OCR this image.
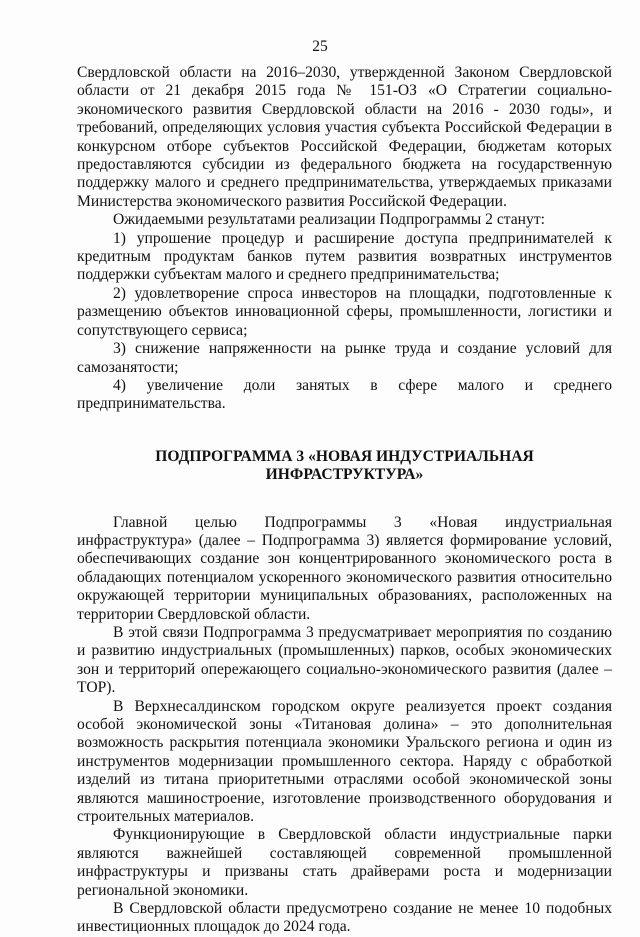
25

Свердловской области на 2016–2030, утвержденной Законом Свердловской области от 21 декабря 2015 года № 151-ОЗ «О Стратегии социально-экономического развития Свердловской области на 2016 - 2030 годы», и требований, определяющих условия участия субъекта Российской Федерации в конкурсном отборе субъектов Российской Федерации, бюджетам которых предоставляются субсидии из федерального бюджета на государственную поддержку малого и среднего предпринимательства, утверждаемых приказами Министерства экономического развития Российской Федерации.

Ожидаемыми результатами реализации Подпрограммы 2 станут:

1) упрошение процедур и расширение доступа предпринимателей к кредитным продуктам банков путем развития возвратных инструментов поддержки субъектам малого и среднего предпринимательства;

2) удовлетворение спроса инвесторов на площадки, подготовленные к размещению объектов инновационной сферы, промышленности, логистики и сопутствующего сервиса;

3) снижение напряженности на рынке труда и создание условий для самозанятости;

4) увеличение доли занятых в сфере малого и среднего предпринимательства.

ПОДПРОГРАММА 3 «НОВАЯ ИНДУСТРИАЛЬНАЯ
ИНФРАСТРУКТУРА»

Главной целью Подпрограммы 3 «Новая индустриальная инфраструктура» (далее – Подпрограмма 3) является формирование условий, обеспечивающих создание зон концентрированного экономического роста в обладающих потенциалом ускоренного экономического развития относительно окружающей территории муниципальных образованиях, расположенных на территории Свердловской области.

В этой связи Подпрограмма 3 предусматривает мероприятия по созданию и развитию индустриальных (промышленных) парков, особых экономических зон и территорий опережающего социально-экономического развития (далее – ТОР).

В Верхнесалдинском городском округе реализуется проект создания особой экономической зоны «Титановая долина» – это дополнительная возможность раскрытия потенциала экономики Уральского региона и один из инструментов модернизации промышленного сектора. Наряду с обработкой изделий из титана приоритетными отраслями особой экономической зоны являются машиностроение, изготовление производственного оборудования и строительных материалов.

Функционирующие в Свердловской области индустриальные парки являются важнейшей составляющей современной промышленной инфраструктуры и призваны стать драйверами роста и модернизации региональной экономики.

В Свердловской области предусмотрено создание не менее 10 подобных инвестиционных площадок до 2024 года.
